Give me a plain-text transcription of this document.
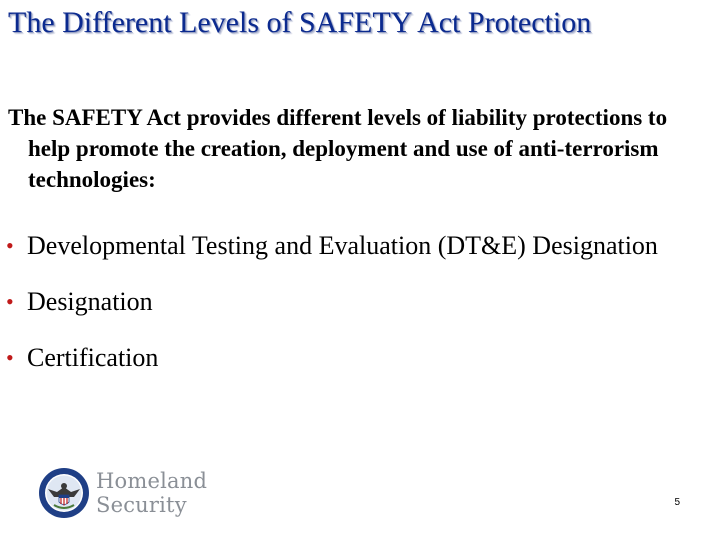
The Different Levels of SAFETY Act Protection

The SAFETY Act provides different levels of liability protections to help promote the creation, deployment and use of anti-terrorism technologies:

• Developmental Testing and Evaluation (DT&E) Designation
• Designation
• Certification
Homeland
Security	5
